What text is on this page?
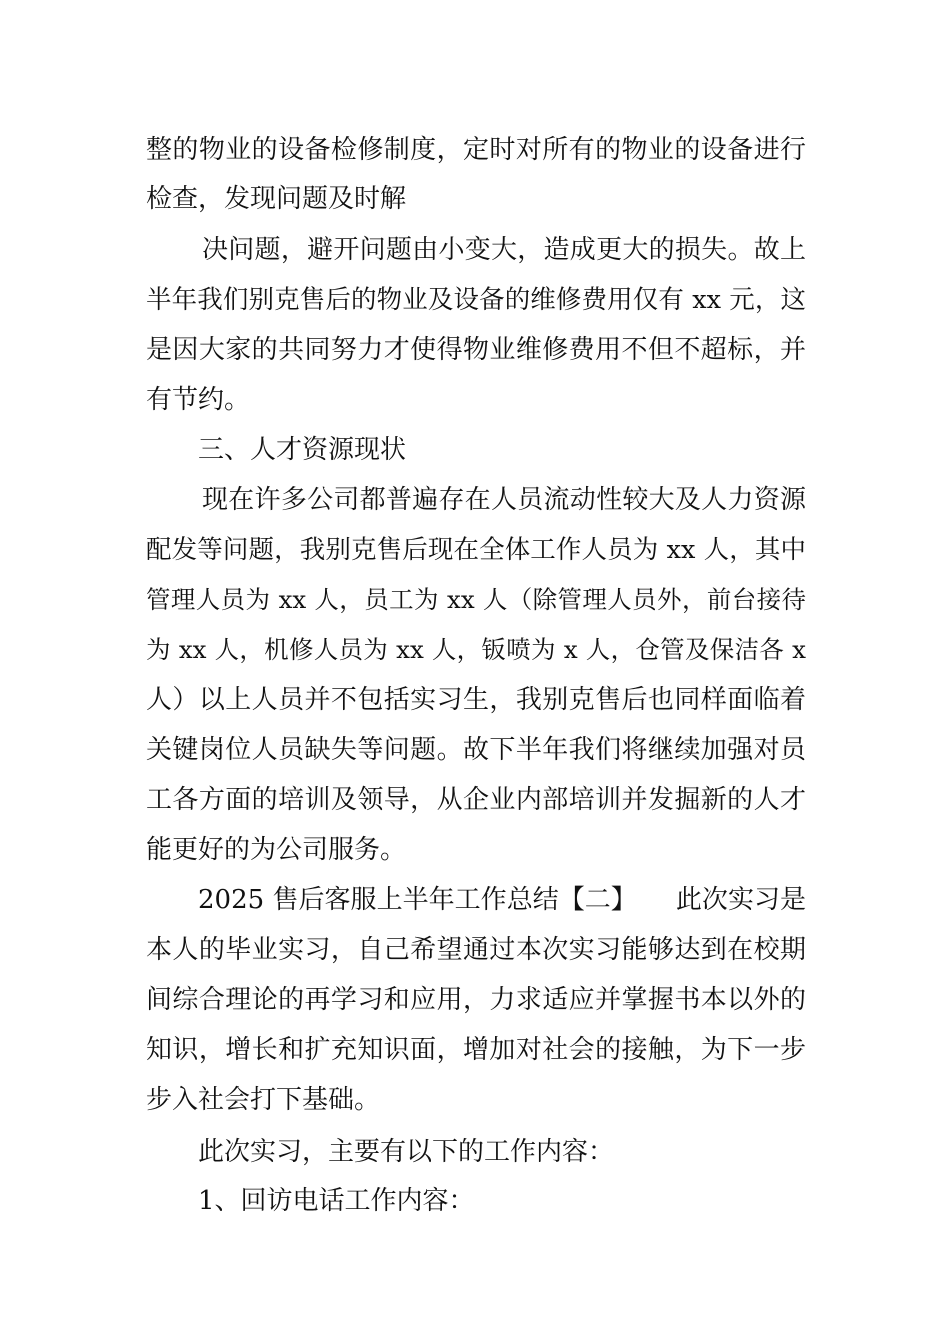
整的物业的设备检修制度，定时对所有的物业的设备进行
检查，发现问题及时解
决问题，避开问题由小变大，造成更大的损失。故上
半年我们别克售后的物业及设备的维修费用仅有 xx 元，这
是因大家的共同努力才使得物业维修费用不但不超标，并
有节约。
三、人才资源现状
现在许多公司都普遍存在人员流动性较大及人力资源
配发等问题，我别克售后现在全体工作人员为 xx 人，其中
管理人员为 xx 人，员工为 xx 人（除管理人员外，前台接待
为 xx 人，机修人员为 xx 人，钣喷为 x 人，仓管及保洁各 x
人）以上人员并不包括实习生，我别克售后也同样面临着
关键岗位人员缺失等问题。故下半年我们将继续加强对员
工各方面的培训及领导，从企业内部培训并发掘新的人才
能更好的为公司服务。
2025 售后客服上半年工作总结【二】　　此次实习是
本人的毕业实习，自己希望通过本次实习能够达到在校期
间综合理论的再学习和应用，力求适应并掌握书本以外的
知识，增长和扩充知识面，增加对社会的接触，为下一步
步入社会打下基础。
此次实习，主要有以下的工作内容：
1、回访电话工作内容：
